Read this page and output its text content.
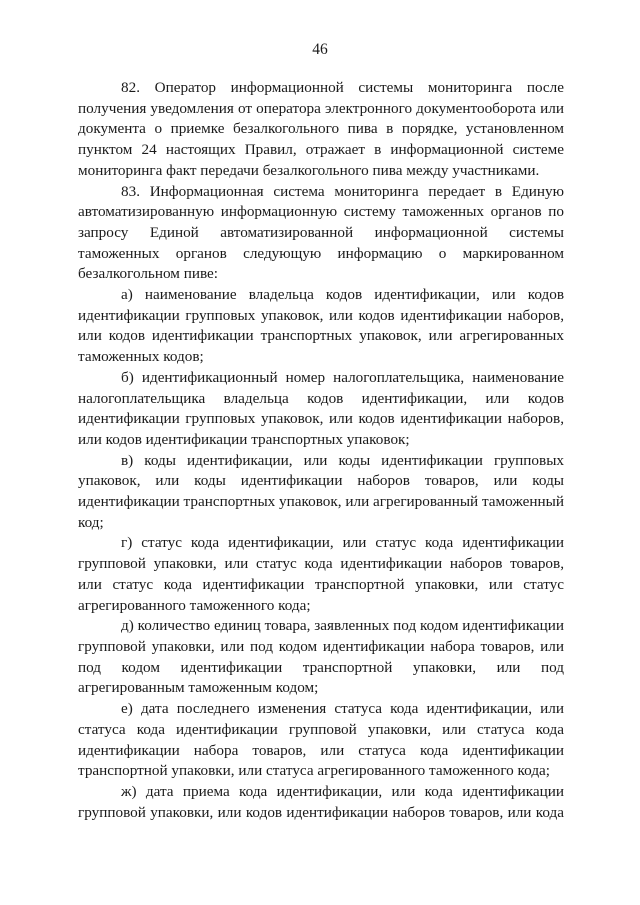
46

82. Оператор информационной системы мониторинга после получения уведомления от оператора электронного документооборота или документа о приемке безалкогольного пива в порядке, установленном пунктом 24 настоящих Правил, отражает в информационной системе мониторинга факт передачи безалкогольного пива между участниками.

83. Информационная система мониторинга передает в Единую автоматизированную информационную систему таможенных органов по запросу Единой автоматизированной информационной системы таможенных органов следующую информацию о маркированном безалкогольном пиве:

а) наименование владельца кодов идентификации, или кодов идентификации групповых упаковок, или кодов идентификации наборов, или кодов идентификации транспортных упаковок, или агрегированных таможенных кодов;

б) идентификационный номер налогоплательщика, наименование налогоплательщика владельца кодов идентификации, или кодов идентификации групповых упаковок, или кодов идентификации наборов, или кодов идентификации транспортных упаковок;

в) коды идентификации, или коды идентификации групповых упаковок, или коды идентификации наборов товаров, или коды идентификации транспортных упаковок, или агрегированный таможенный код;

г) статус кода идентификации, или статус кода идентификации групповой упаковки, или статус кода идентификации наборов товаров, или статус кода идентификации транспортной упаковки, или статус агрегированного таможенного кода;

д) количество единиц товара, заявленных под кодом идентификации групповой упаковки, или под кодом идентификации набора товаров, или под кодом идентификации транспортной упаковки, или под агрегированным таможенным кодом;

е) дата последнего изменения статуса кода идентификации, или статуса кода идентификации групповой упаковки, или статуса кода идентификации набора товаров, или статуса кода идентификации транспортной упаковки, или статуса агрегированного таможенного кода;

ж) дата приема кода идентификации, или кода идентификации групповой упаковки, или кодов идентификации наборов товаров, или кода
